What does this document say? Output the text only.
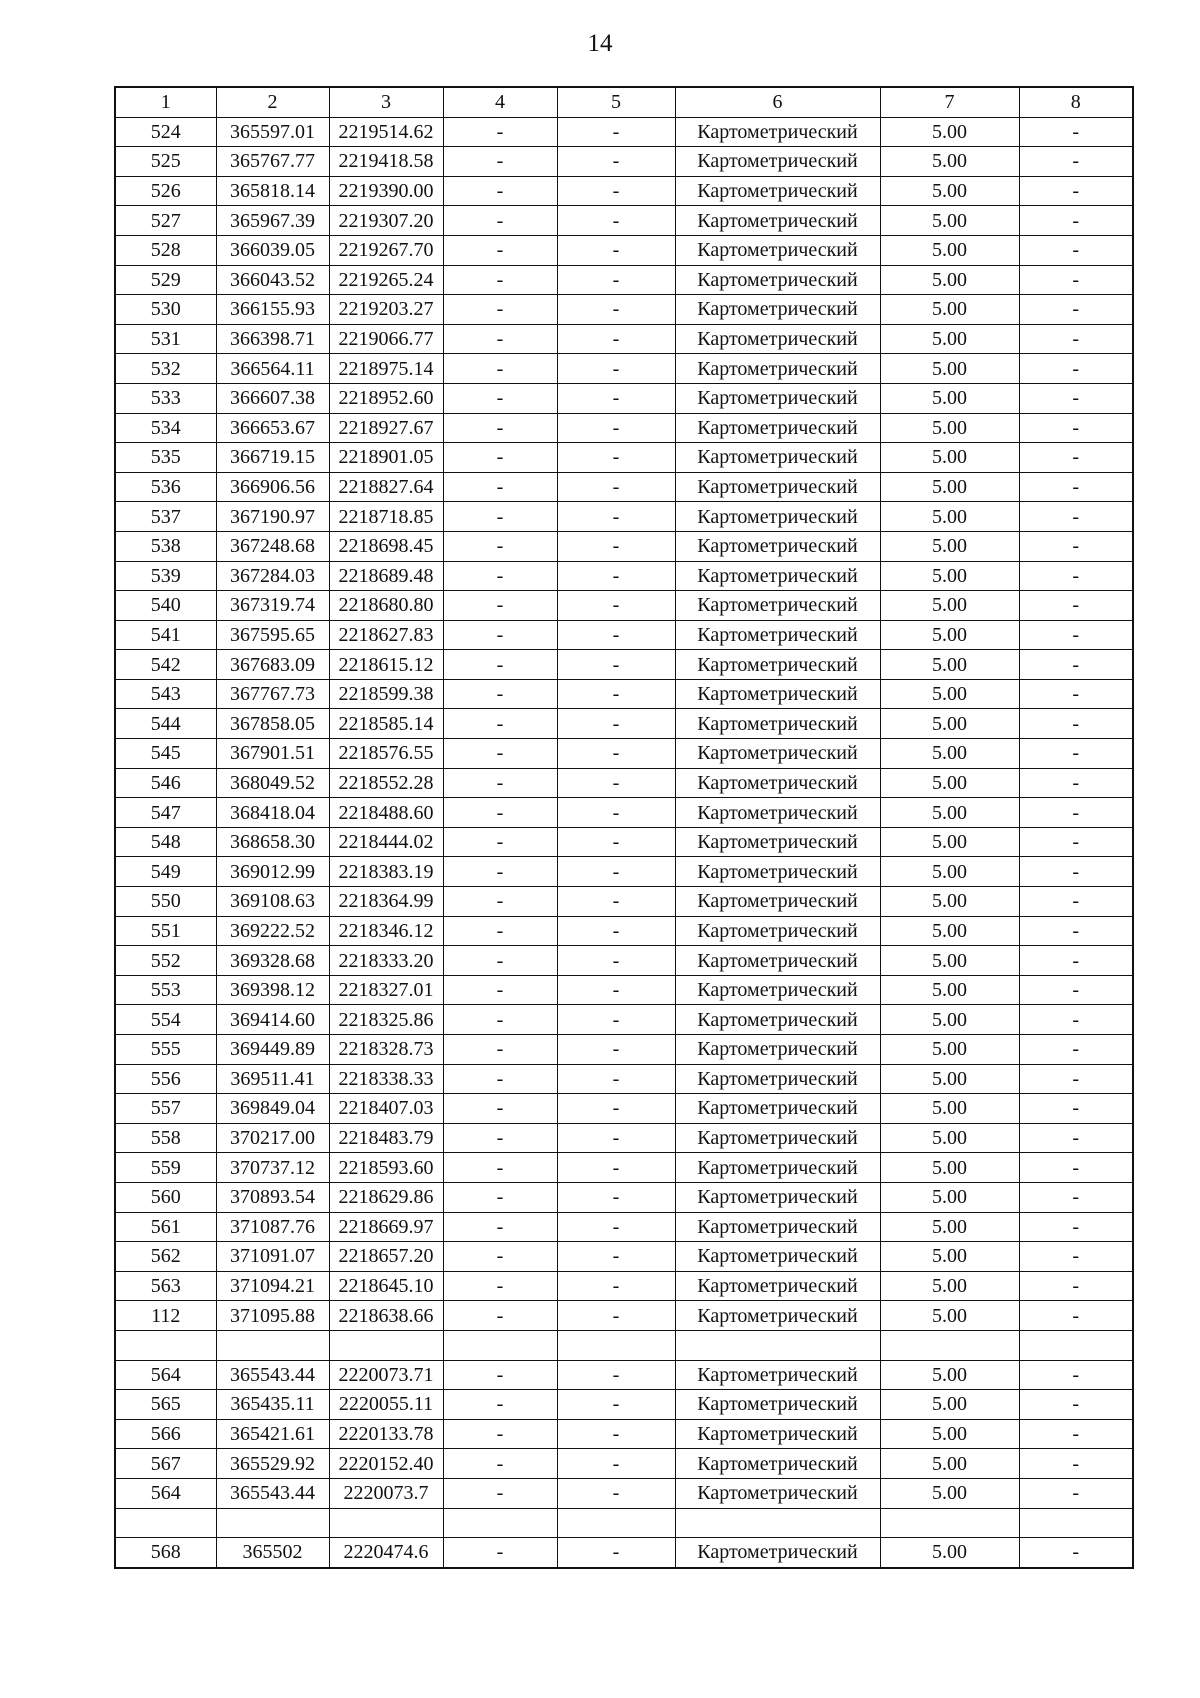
14
1	2	3	4	5	6	7	8
524	365597.01	2219514.62	-	-	Картометрический	5.00	-
525	365767.77	2219418.58	-	-	Картометрический	5.00	-
526	365818.14	2219390.00	-	-	Картометрический	5.00	-
527	365967.39	2219307.20	-	-	Картометрический	5.00	-
528	366039.05	2219267.70	-	-	Картометрический	5.00	-
529	366043.52	2219265.24	-	-	Картометрический	5.00	-
530	366155.93	2219203.27	-	-	Картометрический	5.00	-
531	366398.71	2219066.77	-	-	Картометрический	5.00	-
532	366564.11	2218975.14	-	-	Картометрический	5.00	-
533	366607.38	2218952.60	-	-	Картометрический	5.00	-
534	366653.67	2218927.67	-	-	Картометрический	5.00	-
535	366719.15	2218901.05	-	-	Картометрический	5.00	-
536	366906.56	2218827.64	-	-	Картометрический	5.00	-
537	367190.97	2218718.85	-	-	Картометрический	5.00	-
538	367248.68	2218698.45	-	-	Картометрический	5.00	-
539	367284.03	2218689.48	-	-	Картометрический	5.00	-
540	367319.74	2218680.80	-	-	Картометрический	5.00	-
541	367595.65	2218627.83	-	-	Картометрический	5.00	-
542	367683.09	2218615.12	-	-	Картометрический	5.00	-
543	367767.73	2218599.38	-	-	Картометрический	5.00	-
544	367858.05	2218585.14	-	-	Картометрический	5.00	-
545	367901.51	2218576.55	-	-	Картометрический	5.00	-
546	368049.52	2218552.28	-	-	Картометрический	5.00	-
547	368418.04	2218488.60	-	-	Картометрический	5.00	-
548	368658.30	2218444.02	-	-	Картометрический	5.00	-
549	369012.99	2218383.19	-	-	Картометрический	5.00	-
550	369108.63	2218364.99	-	-	Картометрический	5.00	-
551	369222.52	2218346.12	-	-	Картометрический	5.00	-
552	369328.68	2218333.20	-	-	Картометрический	5.00	-
553	369398.12	2218327.01	-	-	Картометрический	5.00	-
554	369414.60	2218325.86	-	-	Картометрический	5.00	-
555	369449.89	2218328.73	-	-	Картометрический	5.00	-
556	369511.41	2218338.33	-	-	Картометрический	5.00	-
557	369849.04	2218407.03	-	-	Картометрический	5.00	-
558	370217.00	2218483.79	-	-	Картометрический	5.00	-
559	370737.12	2218593.60	-	-	Картометрический	5.00	-
560	370893.54	2218629.86	-	-	Картометрический	5.00	-
561	371087.76	2218669.97	-	-	Картометрический	5.00	-
562	371091.07	2218657.20	-	-	Картометрический	5.00	-
563	371094.21	2218645.10	-	-	Картометрический	5.00	-
112	371095.88	2218638.66	-	-	Картометрический	5.00	-

564	365543.44	2220073.71	-	-	Картометрический	5.00	-
565	365435.11	2220055.11	-	-	Картометрический	5.00	-
566	365421.61	2220133.78	-	-	Картометрический	5.00	-
567	365529.92	2220152.40	-	-	Картометрический	5.00	-
564	365543.44	2220073.7	-	-	Картометрический	5.00	-

568	365502	2220474.6	-	-	Картометрический	5.00	-
